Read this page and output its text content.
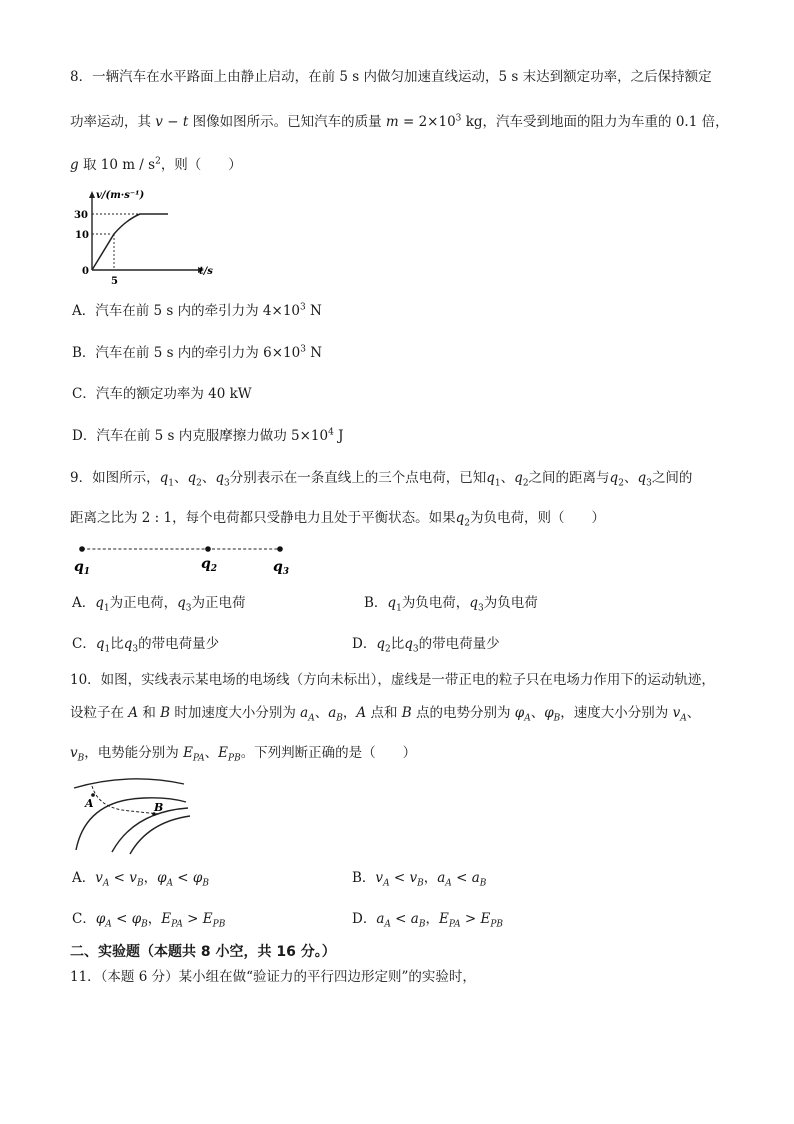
8．一辆汽车在水平路面上由静止启动，在前 5 s 内做匀加速直线运动，5 s 末达到额定功率，之后保持额定
功率运动，其 v − t 图像如图所示。已知汽车的质量 $m = 2\times 10^3$ kg，汽车受到地面的阻力为车重的 0.1 倍，
g 取 10 m / $s^2$，则（　　）
v/(m·s⁻¹)
t/s
30
10
0
5
A．汽车在前 5 s 内的牵引力为 $4\times 10^3$ N
B．汽车在前 5 s 内的牵引力为 $6\times 10^3$ N
C．汽车的额定功率为 40 kW
D．汽车在前 5 s 内克服摩擦力做功 $5\times 10^4$ J
9．如图所示，$q_1$、$q_2$、$q_3$分别表示在一条直线上的三个点电荷，已知$q_1$、$q_2$之间的距离与$q_2$、$q_3$之间的
距离之比为 2 : 1，每个电荷都只受静电力且处于平衡状态。如果$q_2$为负电荷，则（　　）
$q_1$	$q_2$	$q_3$
A．$q_1$为正电荷，$q_3$为正电荷	B．$q_1$为负电荷，$q_3$为负电荷
C．$q_1$比$q_3$的带电荷量少	D．$q_2$比$q_3$的带电荷量少
10．如图，实线表示某电场的电场线（方向未标出），虚线是一带正电的粒子只在电场力作用下的运动轨迹，
设粒子在 A 和 B 时加速度大小分别为 $a_A$、$a_B$，A 点和 B 点的电势分别为 $\varphi_A$、$\varphi_B$，速度大小分别为 $v_A$、
$v_B$，电势能分别为 $E_{PA}$、$E_{PB}$。下列判断正确的是（　　）
A	B
A．$v_A < v_B$，$\varphi_A < \varphi_B$	B．$v_A < v_B$，$a_A < a_B$
C．$\varphi_A < \varphi_B$，$E_{PA} > E_{PB}$	D．$a_A < a_B$，$E_{PA} > E_{PB}$
二、实验题（本题共 8 小空，共 16 分。）
11．（本题 6 分）某小组在做“验证力的平行四边形定则”的实验时，
